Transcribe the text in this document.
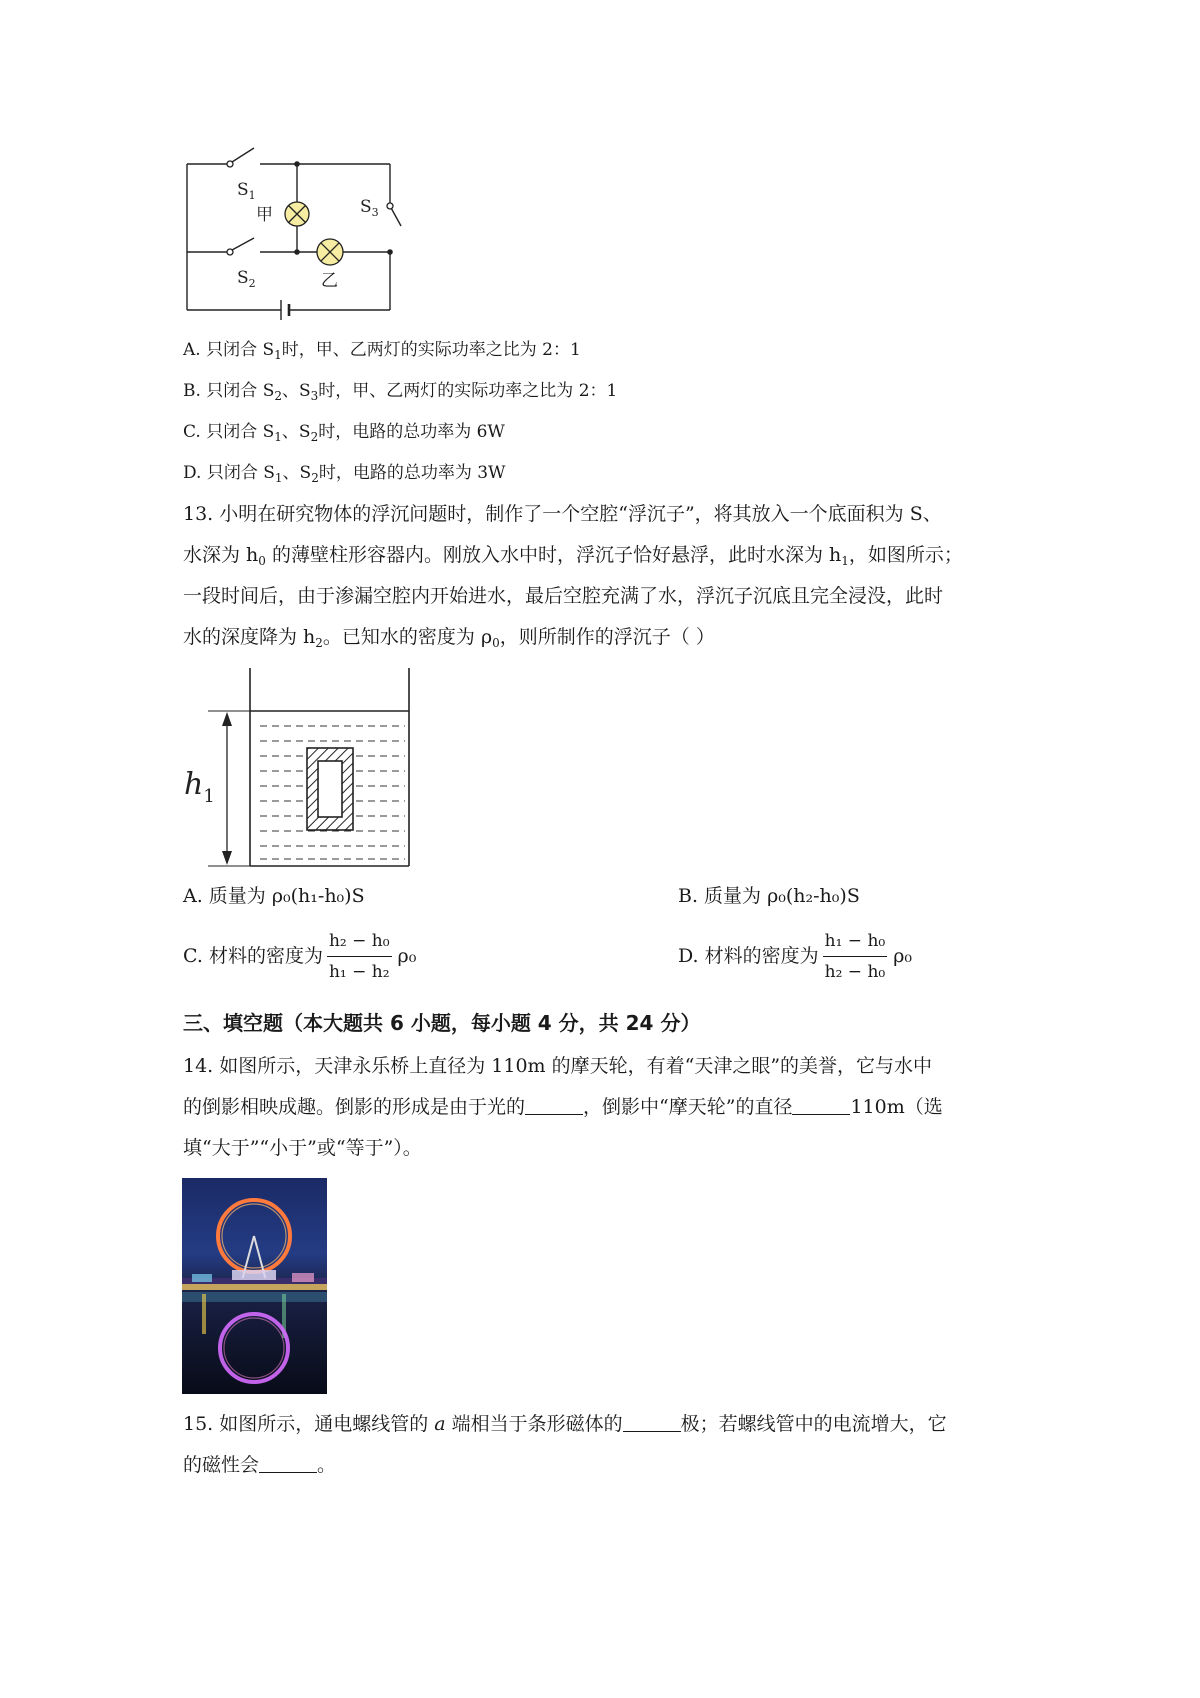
$S_1$
$S_2$
$S_3$
甲
乙
A. 只闭合 $S_1$时，甲、乙两灯的实际功率之比为 2：1
B. 只闭合 $S_2$、$S_3$时，甲、乙两灯的实际功率之比为 2：1
C. 只闭合 $S_1$、$S_2$时，电路的总功率为 6W
D. 只闭合 $S_1$、$S_2$时，电路的总功率为 3W
13. 小明在研究物体的浮沉问题时，制作了一个空腔“浮沉子”，将其放入一个底面积为 S、
水深为 $h_0$ 的薄壁柱形容器内。刚放入水中时，浮沉子恰好悬浮，此时水深为 $h_1$，如图所示；
一段时间后，由于渗漏空腔内开始进水，最后空腔充满了水，浮沉子沉底且完全浸没，此时
水的深度降为 $h_2$。已知水的密度为 $\rho_0$，则所制作的浮沉子（ ）
$h_1$
A. 质量为 ρ₀(h₁-h₀)S	B. 质量为 ρ₀(h₂-h₀)S
C. 材料的密度为 $\frac{\text{h₂ − h₀}}{\text{h₁ − h₂}} \rho_0$	D. 材料的密度为 $\frac{\text{h₁ − h₀}}{\text{h₂ − h₀}} \rho_0$
三、填空题（本大题共 6 小题，每小题 4 分，共 24 分）
14. 如图所示，天津永乐桥上直径为 110m 的摩天轮，有着“天津之眼”的美誉，它与水中
的倒影相映成趣。倒影的形成是由于光的	，倒影中“摩天轮”的直径	110m（选
填“大于”“小于”或“等于”）。
15. 如图所示，通电螺线管的 a 端相当于条形磁体的	极；若螺线管中的电流增大，它
的磁性会	。
